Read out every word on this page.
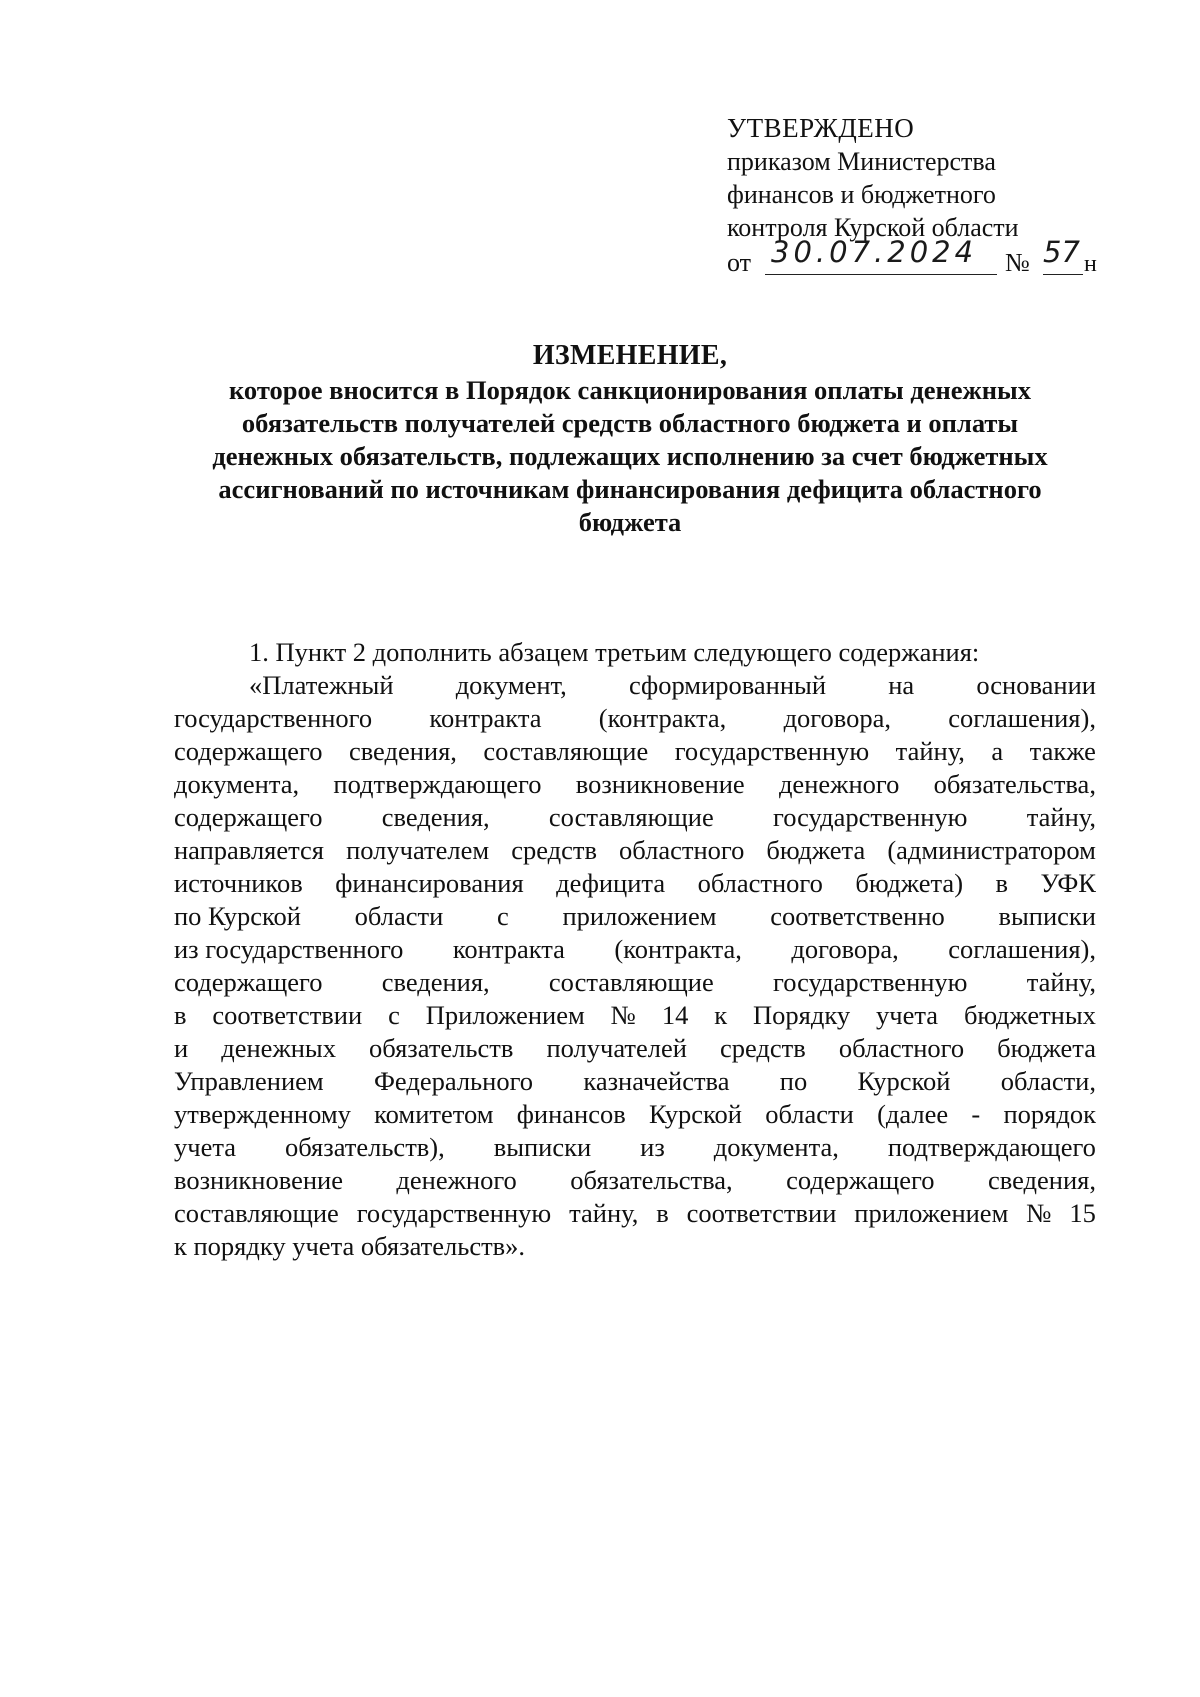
УТВЕРЖДЕНО
приказом Министерства
финансов и бюджетного
контроля Курской области
от 30.07.2024 № 57 н
ИЗМЕНЕНИЕ,
которое вносится в Порядок санкционирования оплаты денежных
обязательств получателей средств областного бюджета и оплаты
денежных обязательств, подлежащих исполнению за счет бюджетных
ассигнований по источникам финансирования дефицита областного
бюджета
1. Пункт 2 дополнить абзацем третьим следующего содержания:
«Платежный документ, сформированный на основании
государственного контракта (контракта, договора, соглашения),
содержащего сведения, составляющие государственную тайну, а также
документа, подтверждающего возникновение денежного обязательства,
содержащего сведения, составляющие государственную тайну,
направляется получателем средств областного бюджета (администратором
источников финансирования дефицита областного бюджета) в УФК
по Курской области с приложением соответственно выписки
из государственного контракта (контракта, договора, соглашения),
содержащего сведения, составляющие государственную тайну,
в соответствии с Приложением № 14 к Порядку учета бюджетных
и денежных обязательств получателей средств областного бюджета
Управлением Федерального казначейства по Курской области,
утвержденному комитетом финансов Курской области (далее - порядок
учета обязательств), выписки из документа, подтверждающего
возникновение денежного обязательства, содержащего сведения,
составляющие государственную тайну, в соответствии приложением № 15
к порядку учета обязательств».
